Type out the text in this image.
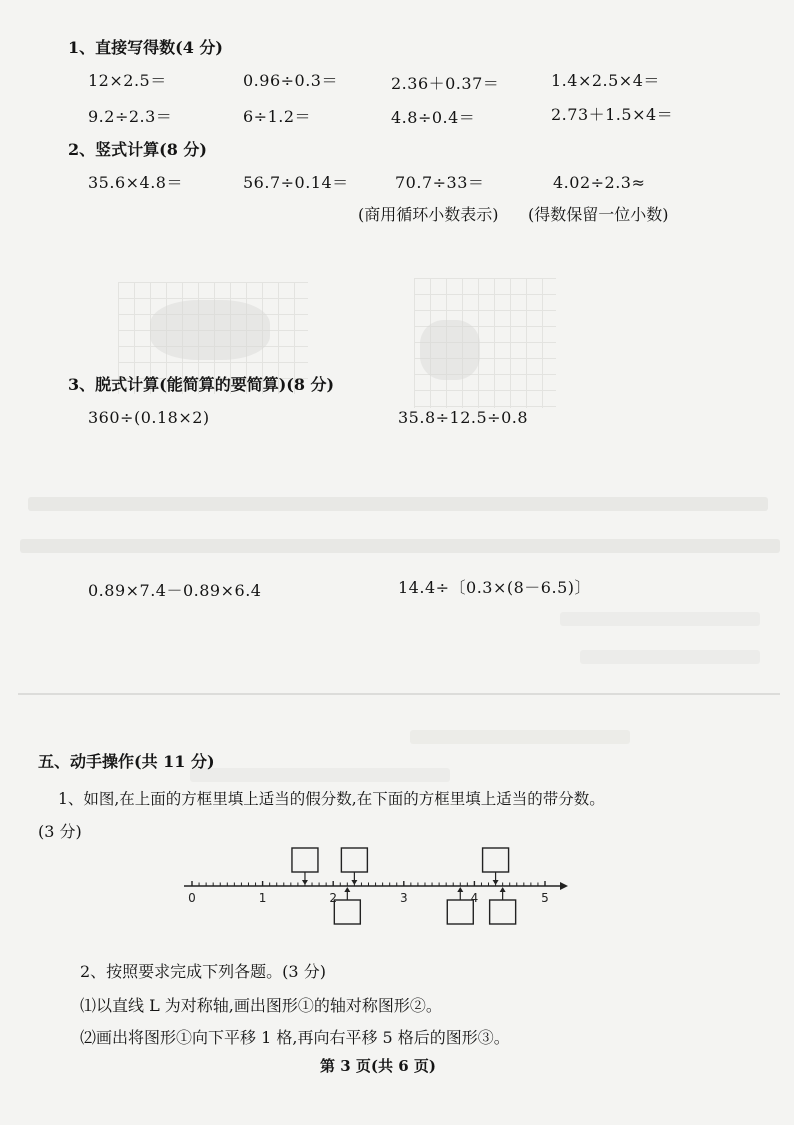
1、直接写得数(4 分)
12×2.5＝	0.96÷0.3＝	2.36＋0.37＝	1.4×2.5×4＝
9.2÷2.3＝	6÷1.2＝	4.8÷0.4＝	2.73＋1.5×4＝
2、竖式计算(8 分)
35.6×4.8＝	56.7÷0.14＝	70.7÷33＝	4.02÷2.3≈
(商用循环小数表示) (得数保留一位小数)
3、脱式计算(能简算的要简算)(8 分)
360÷(0.18×2)	35.8÷12.5÷0.8
0.89×7.4－0.89×6.4	14.4÷〔0.3×(8－6.5)〕
五、动手操作(共 11 分)
1、如图,在上面的方框里填上适当的假分数,在下面的方框里填上适当的带分数。
(3 分)
0	1	2	3	4	5
2、按照要求完成下列各题。(3 分)
⑴以直线 L 为对称轴,画出图形①的轴对称图形②。
⑵画出将图形①向下平移 1 格,再向右平移 5 格后的图形③。
第 3 页(共 6 页)
